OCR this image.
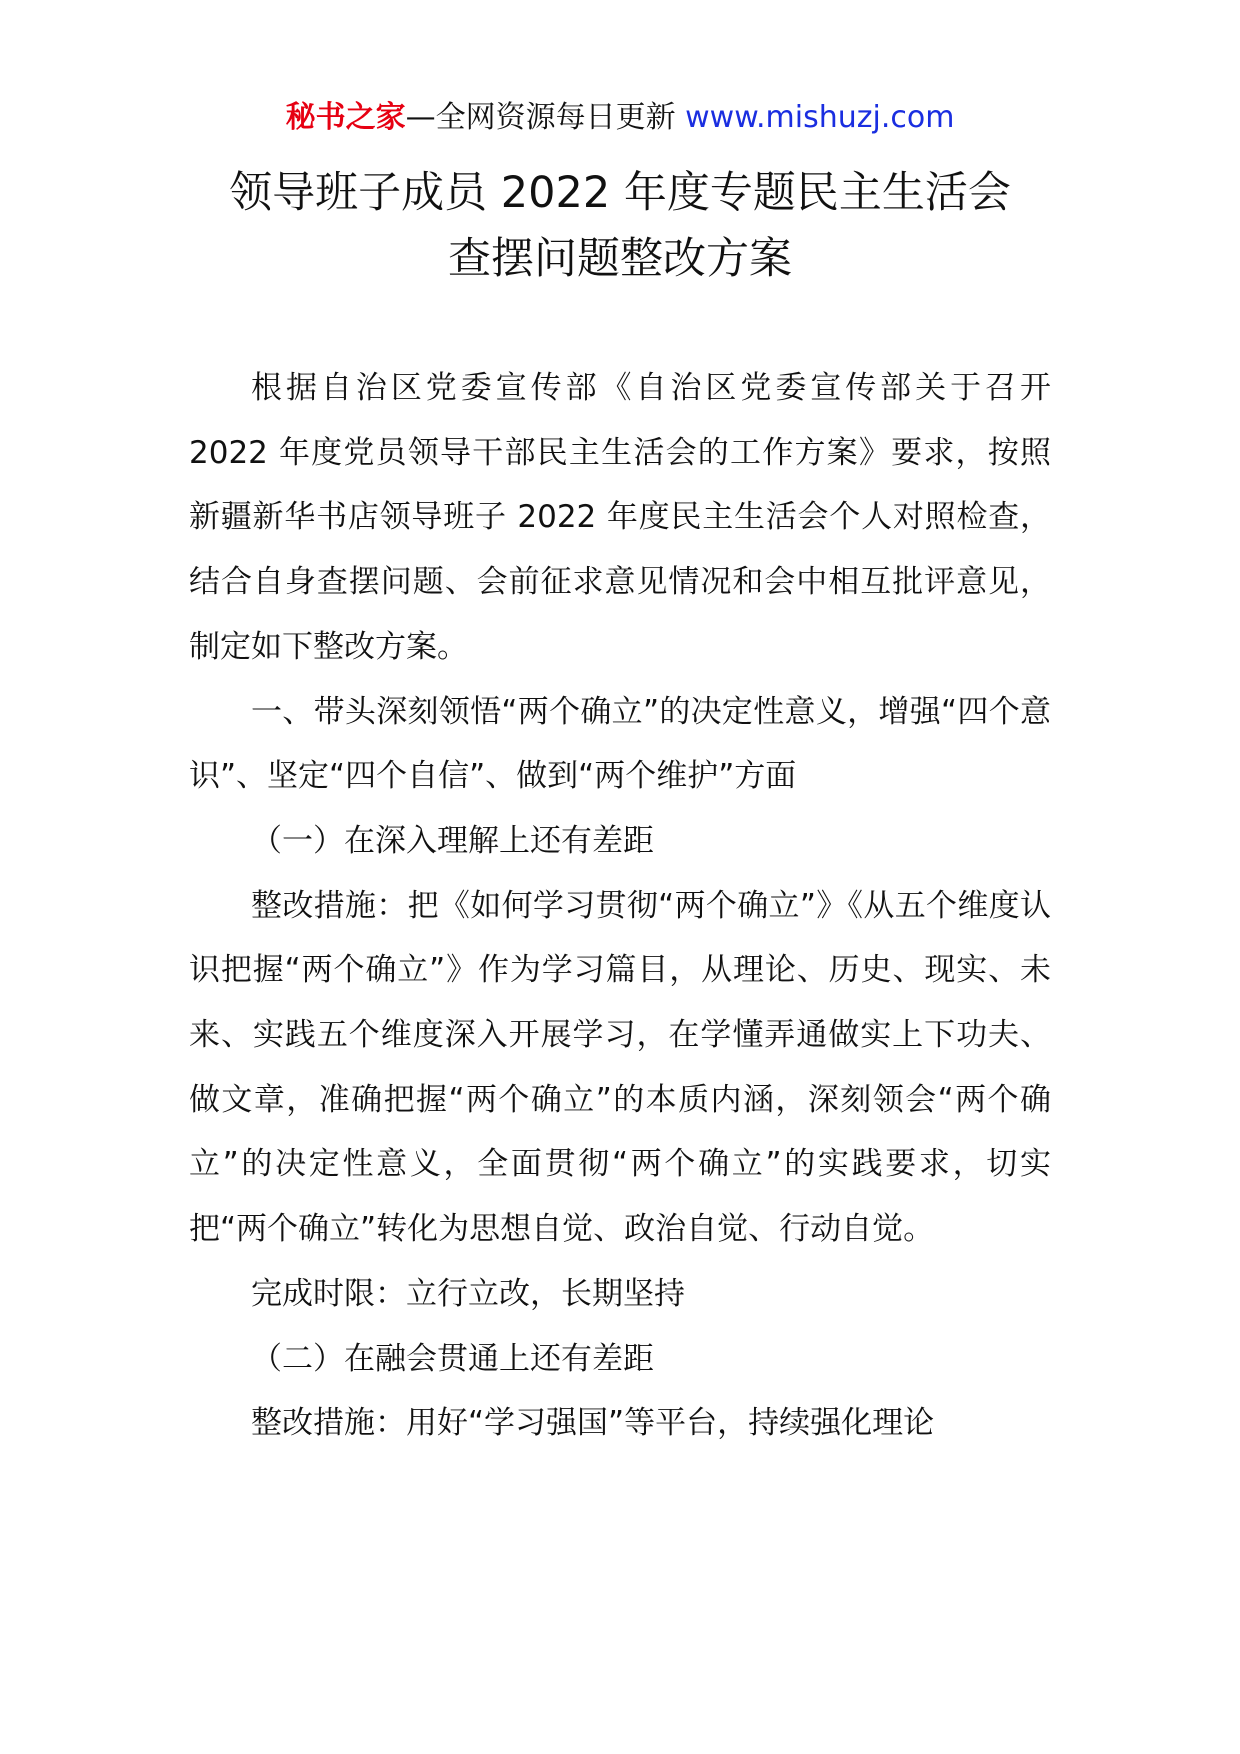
秘书之家—全网资源每日更新 www.mishuzj.com
领导班子成员 2022 年度专题民主生活会
查摆问题整改方案

根据自治区党委宣传部《自治区党委宣传部关于召开 2022 年度党员领导干部民主生活会的工作方案》要求，按照新疆新华书店领导班子 2022 年度民主生活会个人对照检查，结合自身查摆问题、会前征求意见情况和会中相互批评意见，制定如下整改方案。

一、带头深刻领悟“两个确立”的决定性意义，增强“四个意识”、坚定“四个自信”、做到“两个维护”方面

（一）在深入理解上还有差距

整改措施：把《如何学习贯彻“两个确立”》《从五个维度认识把握“两个确立”》作为学习篇目，从理论、历史、现实、未来、实践五个维度深入开展学习，在学懂弄通做实上下功夫、做文章，准确把握“两个确立”的本质内涵，深刻领会“两个确立”的决定性意义，全面贯彻“两个确立”的实践要求，切实把“两个确立”转化为思想自觉、政治自觉、行动自觉。

完成时限：立行立改，长期坚持

（二）在融会贯通上还有差距

整改措施：用好“学习强国”等平台，持续强化理论
